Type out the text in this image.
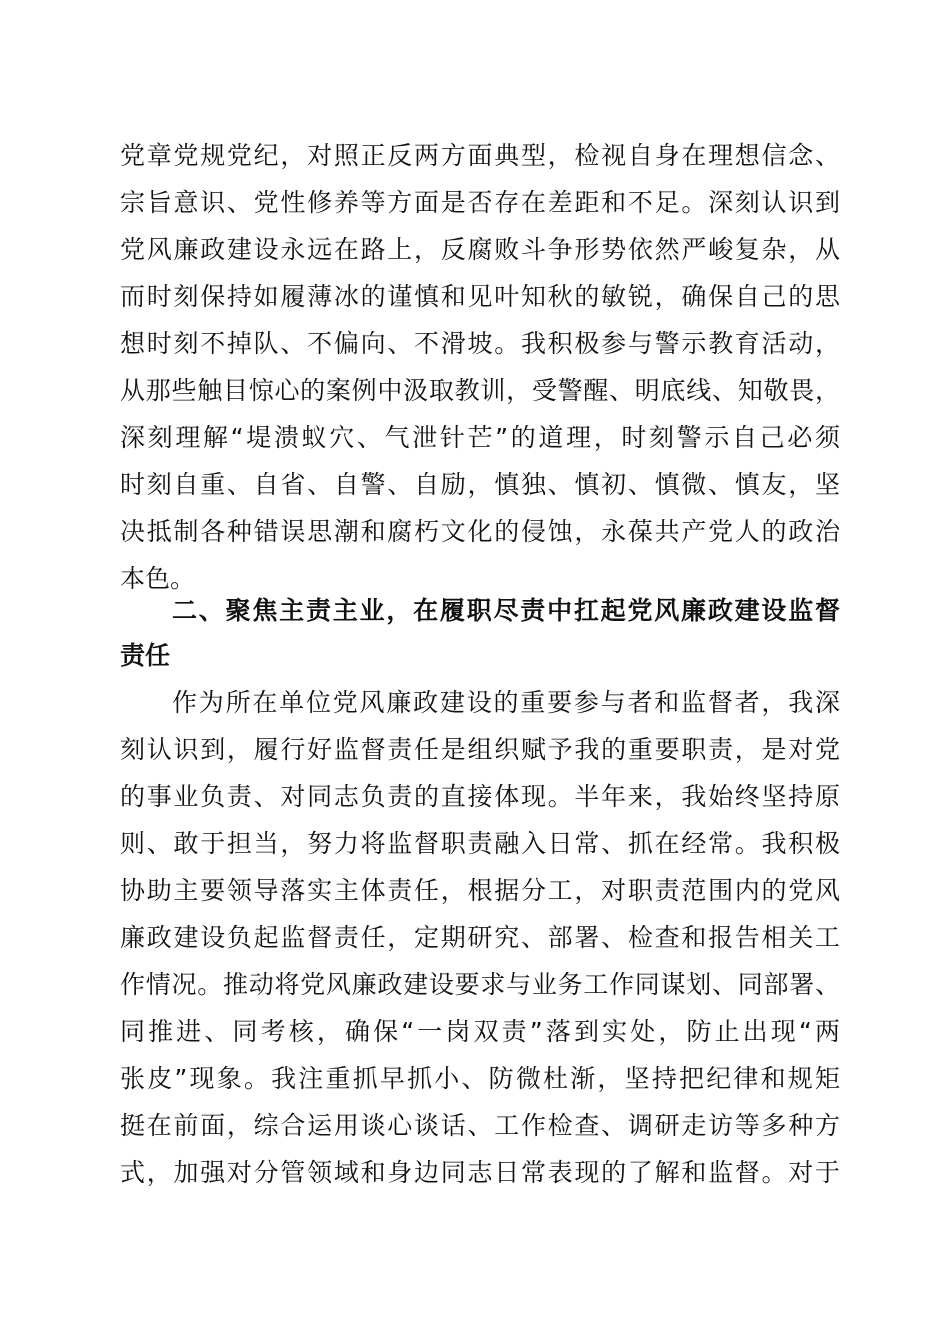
党章党规党纪，对照正反两方面典型，检视自身在理想信念、
宗旨意识、党性修养等方面是否存在差距和不足。深刻认识到
党风廉政建设永远在路上，反腐败斗争形势依然严峻复杂，从
而时刻保持如履薄冰的谨慎和见叶知秋的敏锐，确保自己的思
想时刻不掉队、不偏向、不滑坡。我积极参与警示教育活动，
从那些触目惊心的案例中汲取教训，受警醒、明底线、知敬畏，
深刻理解“堤溃蚁穴、气泄针芒”的道理，时刻警示自己必须
时刻自重、自省、自警、自励，慎独、慎初、慎微、慎友，坚
决抵制各种错误思潮和腐朽文化的侵蚀，永葆共产党人的政治
本色。
二、聚焦主责主业，在履职尽责中扛起党风廉政建设监督
责任
作为所在单位党风廉政建设的重要参与者和监督者，我深
刻认识到，履行好监督责任是组织赋予我的重要职责，是对党
的事业负责、对同志负责的直接体现。半年来，我始终坚持原
则、敢于担当，努力将监督职责融入日常、抓在经常。我积极
协助主要领导落实主体责任，根据分工，对职责范围内的党风
廉政建设负起监督责任，定期研究、部署、检查和报告相关工
作情况。推动将党风廉政建设要求与业务工作同谋划、同部署、
同推进、同考核，确保“一岗双责”落到实处，防止出现“两
张皮”现象。我注重抓早抓小、防微杜渐，坚持把纪律和规矩
挺在前面，综合运用谈心谈话、工作检查、调研走访等多种方
式，加强对分管领域和身边同志日常表现的了解和监督。对于
